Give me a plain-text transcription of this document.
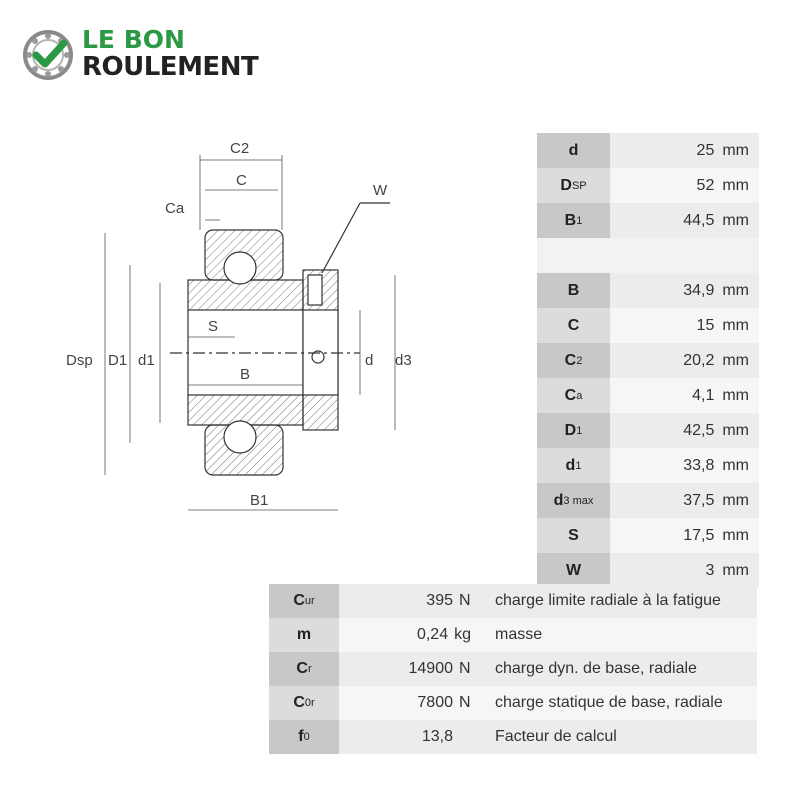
LE BON
ROULEMENT
C2
C
Ca
W
S
B
B1
Dsp D1 d1	d d3
d	25 mm
D SP	52 mm
B 1	44,5 mm
B	34,9 mm
C	15 mm
C 2	20,2 mm
C a	4,1 mm
D 1	42,5 mm
d 1	33,8 mm
d 3 max	37,5 mm
S	17,5 mm
W	3 mm
C ur	395 N	charge limite radiale à la fatigue
m	0,24 kg	masse
C r	14900 N	charge dyn. de base, radiale
C 0r	7800 N	charge statique de base, radiale
f 0	13,8	Facteur de calcul
